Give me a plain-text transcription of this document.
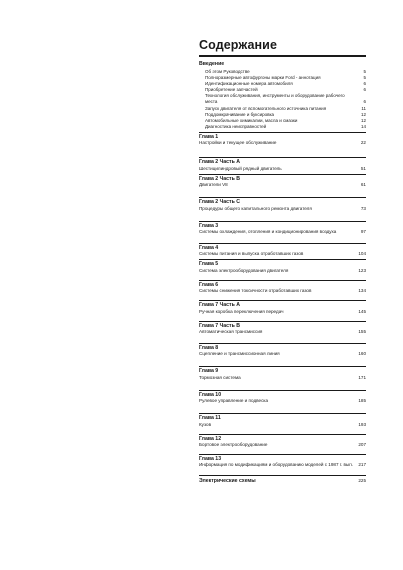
Содержание
Введение
Об этом Руководстве	5
Полноразмерные автофургоны марки Ford - аннотация	5
Идентификационные номера автомобиля	6
Приобретение запчастей	6
Технология обслуживания, инструменты и оборудование рабочего места	6
Запуск двигателя от вспомогательного источника питания	11
Поддомкрачивание и буксировка	12
Автомобильные химикалии, масла и смазки	12
Диагностика неисправностей	14
Глава 1
Настройки и текущее обслуживание	22
Глава 2 Часть А
Шестицилиндровый рядный двигатель	51
Глава 2 Часть В
Двигатели V8	61
Глава 2 Часть С
Процедуры общего капитального ремонта двигателя	73
Глава 3
Системы охлаждения, отопления и кондиционирования воздуха	97
Глава 4
Системы питания и выпуска отработавших газов	104
Глава 5
Система электрооборудования двигателя	123
Глава 6
Системы снижения токсичности отработавших газов	134
Глава 7 Часть А
Ручная коробка переключения передач	145
Глава 7 Часть В
Автоматическая трансмиссия	155
Глава 8
Сцепление и трансмиссионная линия	160
Глава 9
Тормозная система	171
Глава 10
Рулевое управление и подвеска	185
Глава 11
Кузов	193
Глава 12
Бортовое электрооборудование	207
Глава 13
Информация по модификациям и оборудованию моделей с 1987 г. вып. 217
Электрические схемы	225
